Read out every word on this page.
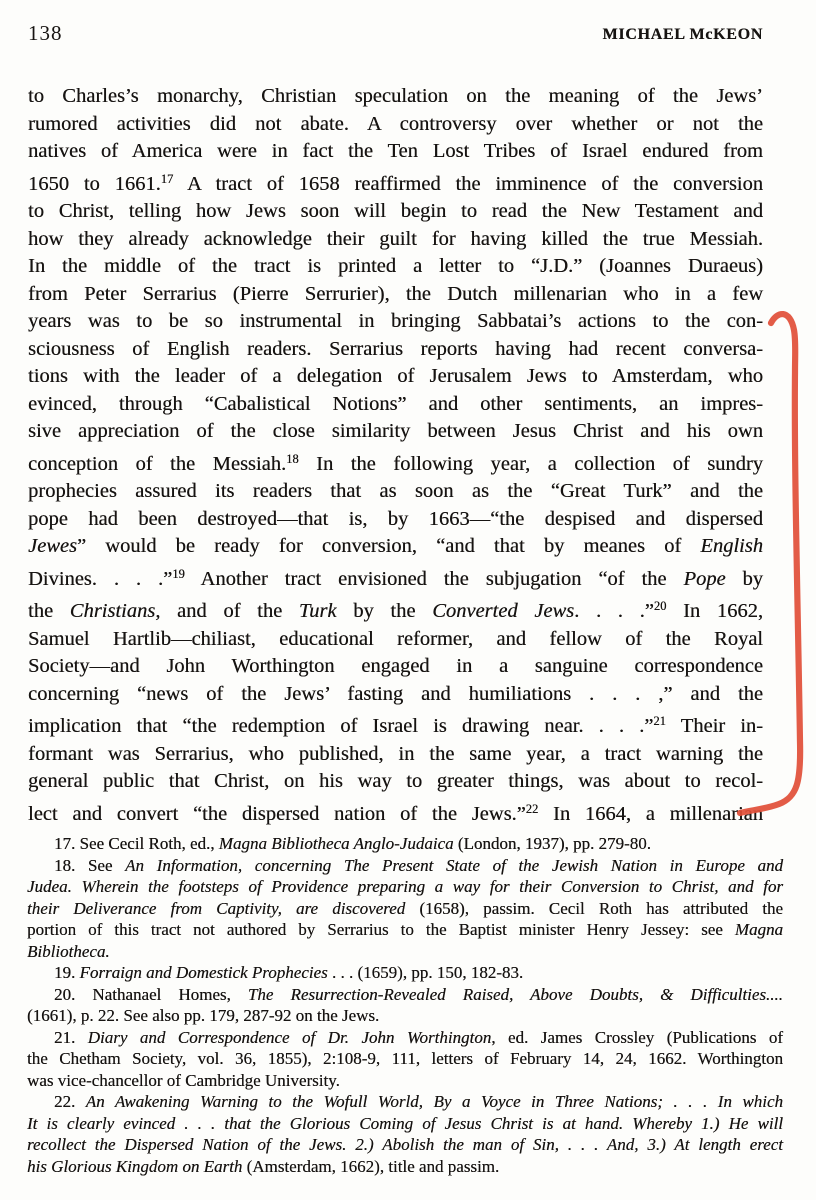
138	MICHAEL McKEON
to Charles’s monarchy, Christian speculation on the meaning of the Jews’
rumored activities did not abate. A controversy over whether or not the
natives of America were in fact the Ten Lost Tribes of Israel endured from
1650 to 1661.17 A tract of 1658 reaffirmed the imminence of the conversion
to Christ, telling how Jews soon will begin to read the New Testament and
how they already acknowledge their guilt for having killed the true Messiah.
In the middle of the tract is printed a letter to “J.D.” (Joannes Duraeus)
from Peter Serrarius (Pierre Serrurier), the Dutch millenarian who in a few
years was to be so instrumental in bringing Sabbatai’s actions to the con-
sciousness of English readers. Serrarius reports having had recent conversa-
tions with the leader of a delegation of Jerusalem Jews to Amsterdam, who
evinced, through “Cabalistical Notions” and other sentiments, an impres-
sive appreciation of the close similarity between Jesus Christ and his own
conception of the Messiah.$^{18}$ In the following year, a collection of sundry
prophecies assured its readers that as soon as the “Great Turk” and the
pope had been destroyed—that is, by 1663—“the despised and dispersed
Jewes” would be ready for conversion, “and that by meanes of English
Divines. . . .”$^{19}$ Another tract envisioned the subjugation “of the Pope by
the Christians, and of the Turk by the Converted Jews. . . .”$^{20}$ In 1662,
Samuel Hartlib—chiliast, educational reformer, and fellow of the Royal
Society—and John Worthington engaged in a sanguine correspondence
concerning “news of the Jews’ fasting and humiliations . . . ,” and the
implication that “the redemption of Israel is drawing near. . . .”$^{21}$ Their in-
formant was Serrarius, who published, in the same year, a tract warning the
general public that Christ, on his way to greater things, was about to recol-
lect and convert “the dispersed nation of the Jews.”$^{22}$ In 1664, a millenarian
17. See Cecil Roth, ed., Magna Bibliotheca Anglo-Judaica (London, 1937), pp. 279-80.
18. See An Information, concerning The Present State of the Jewish Nation in Europe and
Judea. Wherein the footsteps of Providence preparing a way for their Conversion to Christ, and for
their Deliverance from Captivity, are discovered (1658), passim. Cecil Roth has attributed the
portion of this tract not authored by Serrarius to the Baptist minister Henry Jessey: see Magna
Bibliotheca.
19. Forraign and Domestick Prophecies . . . (1659), pp. 150, 182-83.
20. Nathanael Homes, The Resurrection-Revealed Raised, Above Doubts, & Difficulties....
(1661), p. 22. See also pp. 179, 287-92 on the Jews.
21. Diary and Correspondence of Dr. John Worthington, ed. James Crossley (Publications of
the Chetham Society, vol. 36, 1855), 2:108-9, 111, letters of February 14, 24, 1662. Worthington
was vice-chancellor of Cambridge University.
22. An Awakening Warning to the Wofull World, By a Voyce in Three Nations; . . . In which
It is clearly evinced . . . that the Glorious Coming of Jesus Christ is at hand. Whereby 1.) He will
recollect the Dispersed Nation of the Jews. 2.) Abolish the man of Sin, . . . And, 3.) At length erect
his Glorious Kingdom on Earth (Amsterdam, 1662), title and passim.
